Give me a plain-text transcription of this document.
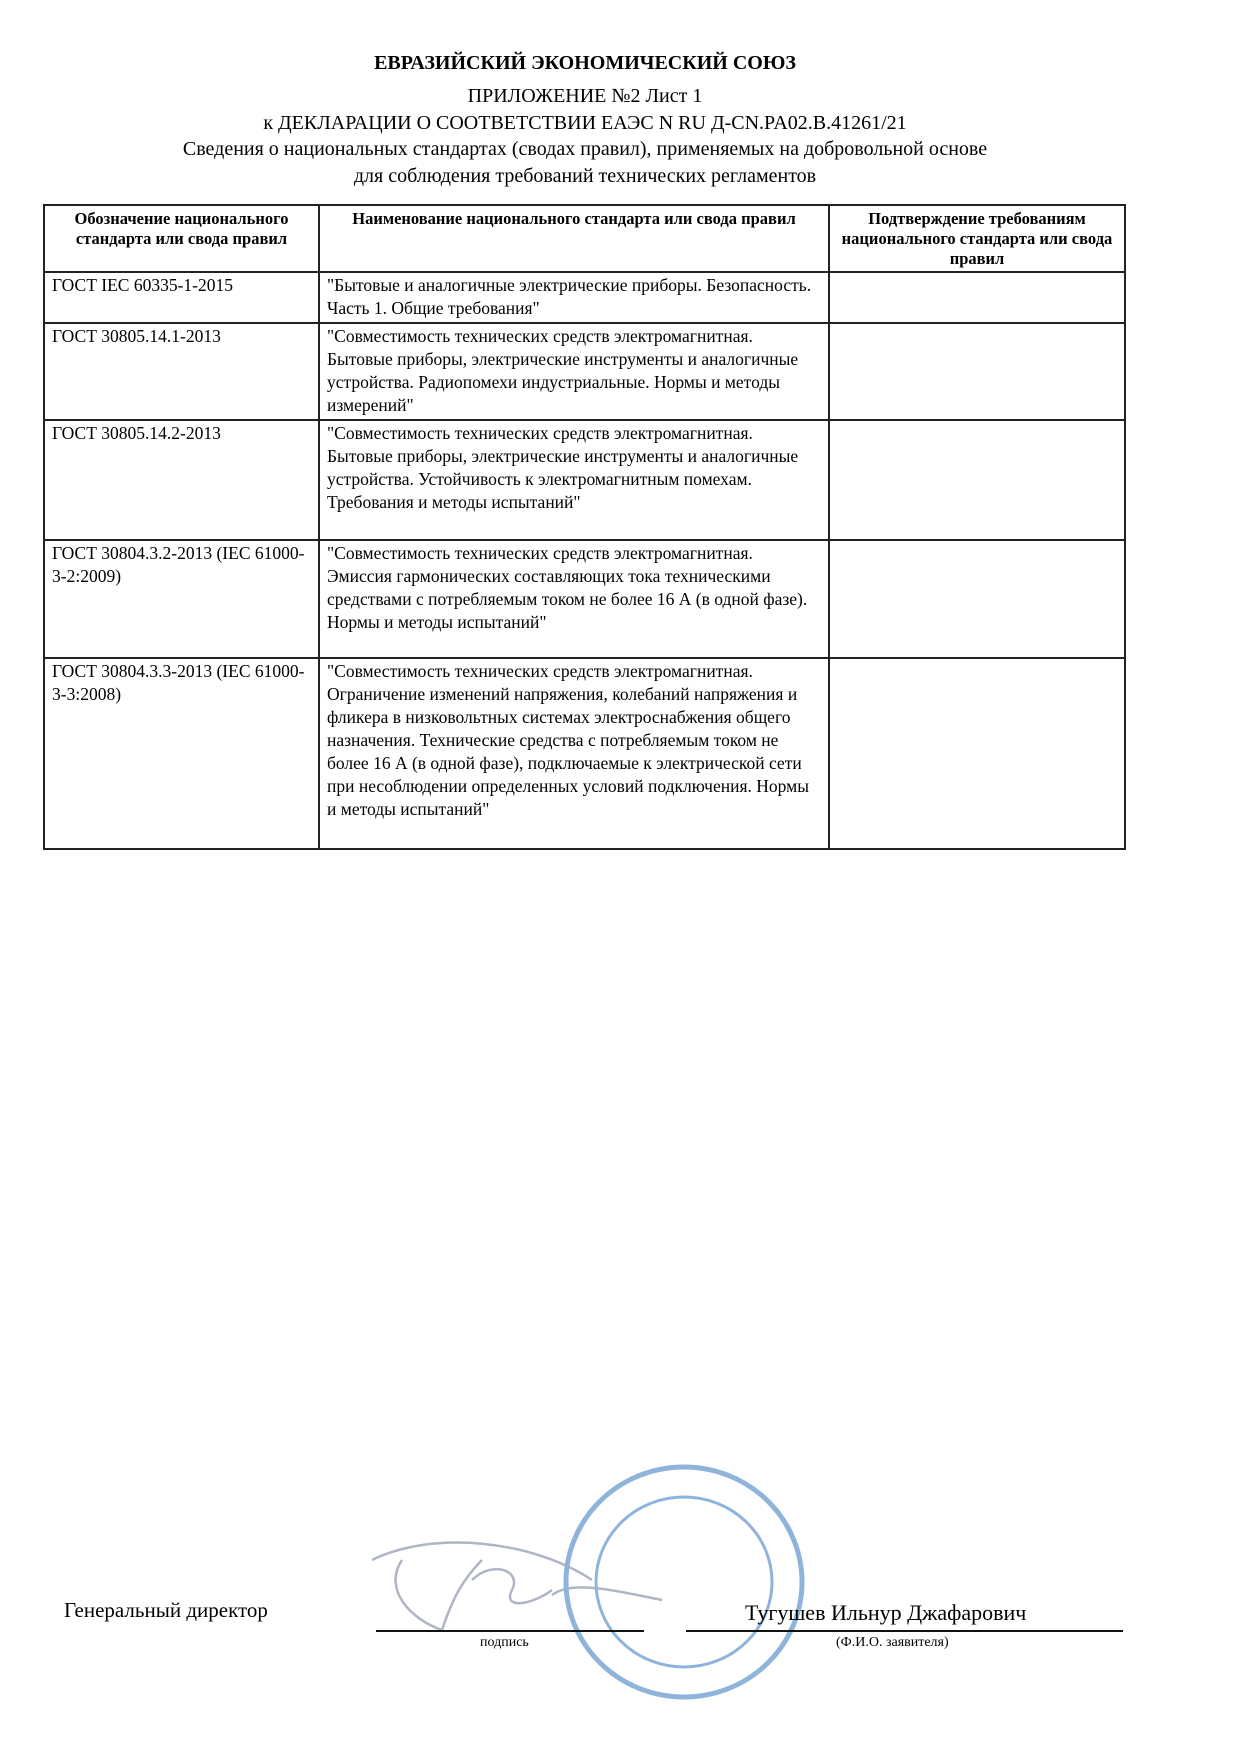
ЕВРАЗИЙСКИЙ ЭКОНОМИЧЕСКИЙ СОЮЗ
ПРИЛОЖЕНИЕ №2 Лист 1
к ДЕКЛАРАЦИИ О СООТВЕТСТВИИ ЕАЭС N RU Д-CN.PA02.B.41261/21
Сведения о национальных стандартах (сводах правил), применяемых на добровольной основе
для соблюдения требований технических регламентов
Обозначение национального стандарта или свода правил	Наименование национального стандарта или свода правил	Подтверждение требованиям национального стандарта или свода правил
ГОСТ IEC 60335-1-2015	"Бытовые и аналогичные электрические приборы. Безопасность. Часть 1. Общие требования"	
ГОСТ 30805.14.1-2013	"Совместимость технических средств электромагнитная. Бытовые приборы, электрические инструменты и аналогичные устройства. Радиопомехи индустриальные. Нормы и методы измерений"	
ГОСТ 30805.14.2-2013	"Совместимость технических средств электромагнитная. Бытовые приборы, электрические инструменты и аналогичные устройства. Устойчивость к электромагнитным помехам. Требования и методы испытаний"	
ГОСТ 30804.3.2-2013 (IEC 61000-3-2:2009)	"Совместимость технических средств электромагнитная. Эмиссия гармонических составляющих тока техническими средствами с потребляемым током не более 16 А (в одной фазе). Нормы и методы испытаний"	
ГОСТ 30804.3.3-2013 (IEC 61000-3-3:2008)	"Совместимость технических средств электромагнитная. Ограничение изменений напряжения, колебаний напряжения и фликера в низковольтных системах электроснабжения общего назначения. Технические средства с потребляемым током не более 16 А (в одной фазе), подключаемые к электрической сети при несоблюдении определенных условий подключения. Нормы и методы испытаний"	
Генеральный директор
подпись
Тугушев Ильнур Джафарович
(Ф.И.О. заявителя)
